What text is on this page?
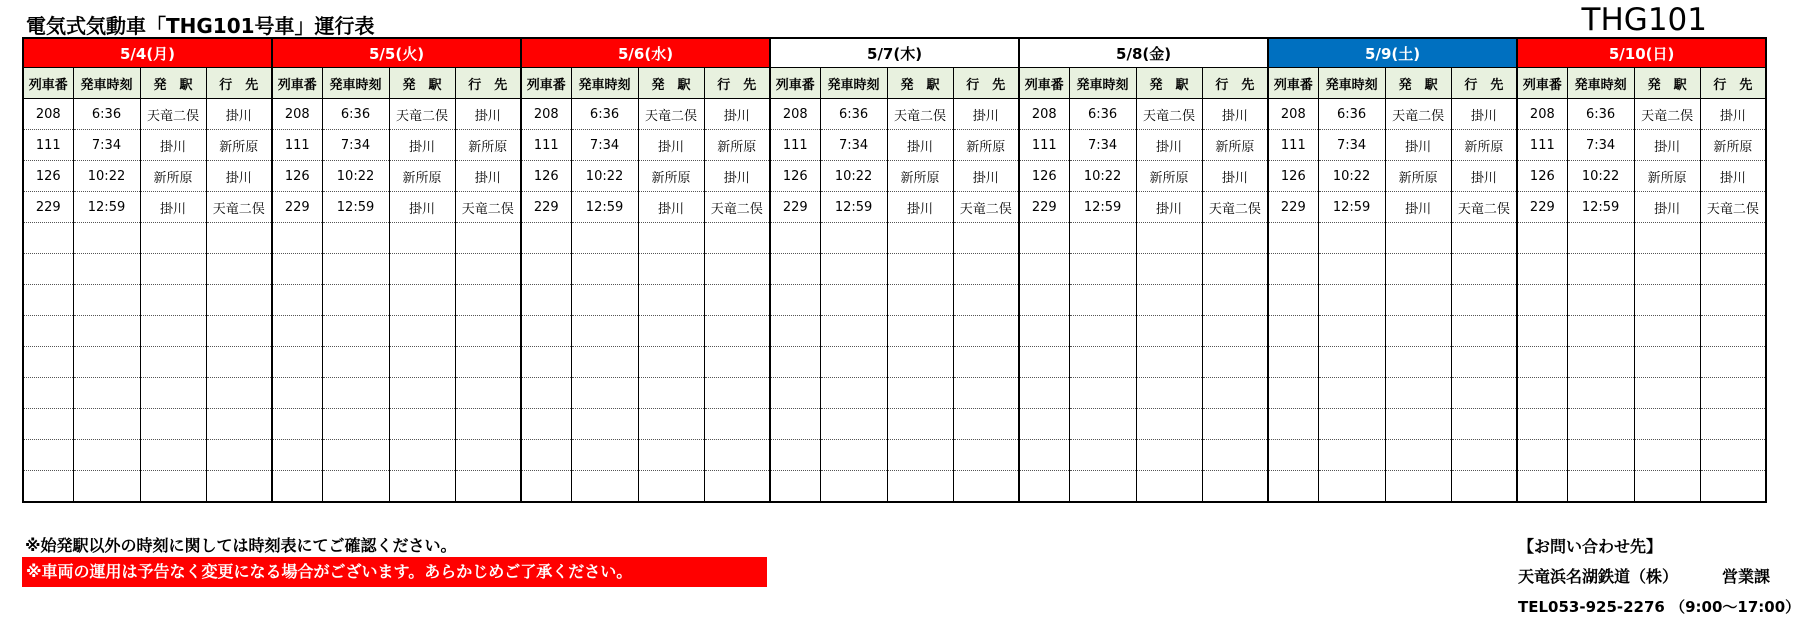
電気式気動車「THG101号車」運行表	THG101
5/4(月)				5/5(火)				5/6(水)				5/7(木)				5/8(金)				5/9(土)				5/10(日)			
列車番	発車時刻	発　駅	行　先	列車番	発車時刻	発　駅	行　先	列車番	発車時刻	発　駅	行　先	列車番	発車時刻	発　駅	行　先	列車番	発車時刻	発　駅	行　先	列車番	発車時刻	発　駅	行　先	列車番	発車時刻	発　駅	行　先
208	6:36	天竜二俣	掛川	208	6:36	天竜二俣	掛川	208	6:36	天竜二俣	掛川	208	6:36	天竜二俣	掛川	208	6:36	天竜二俣	掛川	208	6:36	天竜二俣	掛川	208	6:36	天竜二俣	掛川
111	7:34	掛川	新所原	111	7:34	掛川	新所原	111	7:34	掛川	新所原	111	7:34	掛川	新所原	111	7:34	掛川	新所原	111	7:34	掛川	新所原	111	7:34	掛川	新所原
126	10:22	新所原	掛川	126	10:22	新所原	掛川	126	10:22	新所原	掛川	126	10:22	新所原	掛川	126	10:22	新所原	掛川	126	10:22	新所原	掛川	126	10:22	新所原	掛川
229	12:59	掛川	天竜二俣	229	12:59	掛川	天竜二俣	229	12:59	掛川	天竜二俣	229	12:59	掛川	天竜二俣	229	12:59	掛川	天竜二俣	229	12:59	掛川	天竜二俣	229	12:59	掛川	天竜二俣

※始発駅以外の時刻に関しては時刻表にてご確認ください。
※車両の運用は予告なく変更になる場合がございます。あらかじめご了承ください。
【お問い合わせ先】
天竜浜名湖鉄道（株）	営業課
TEL053-925-2276 （9:00～17:00）
